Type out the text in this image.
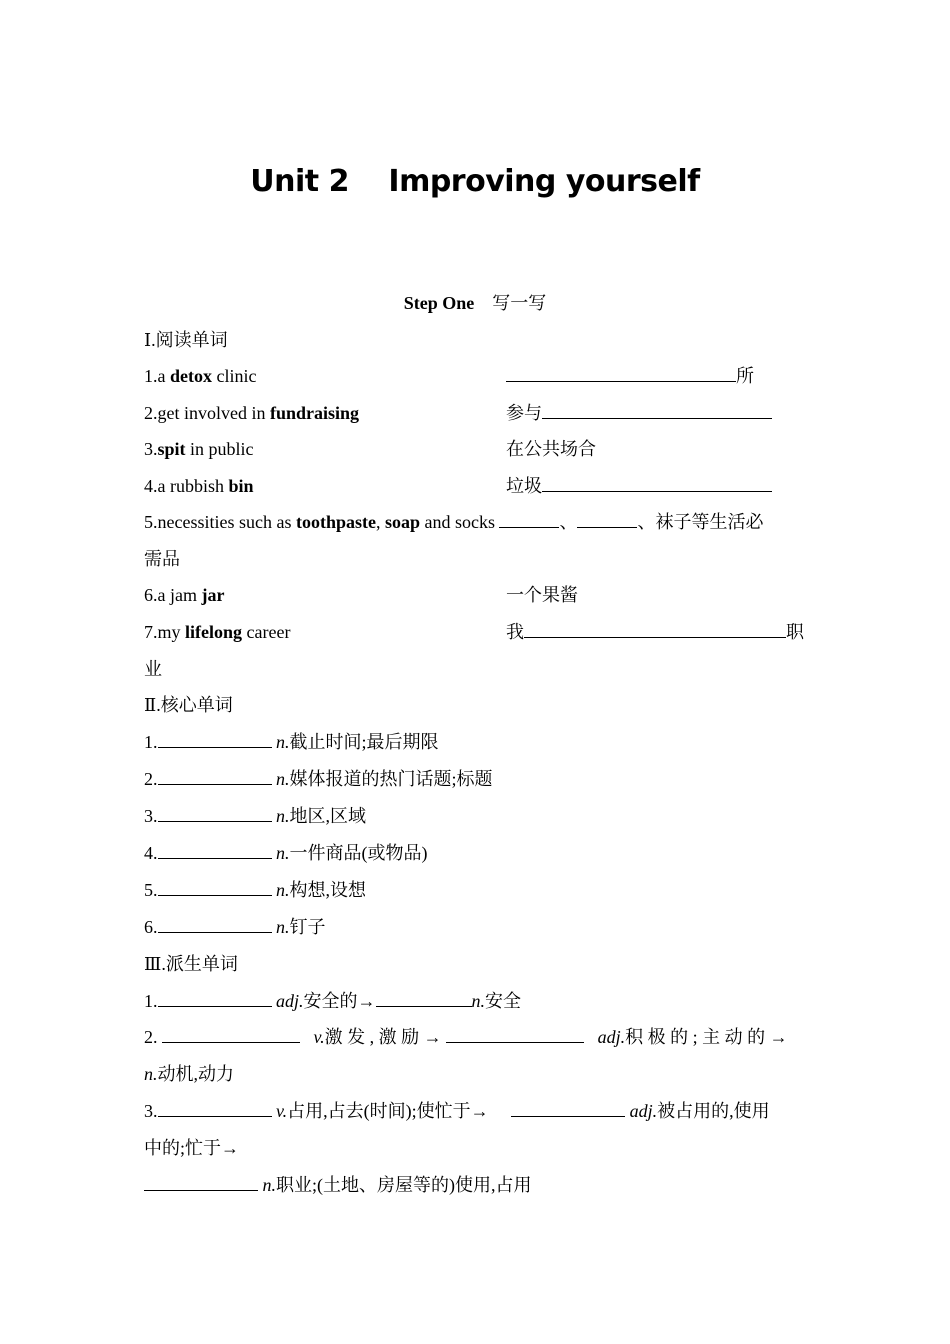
Unit 2　 Improving yourself
Step One 写一写
Ⅰ.阅读单词
1.a detox clinic	所
2.get involved in fundraising	参与
3.spit in public	在公共场合
4.a rubbish bin	垃圾
5.necessities such as toothpaste, soap and socks	、	、袜子等生活必
需品
6.a jam jar	一个果酱
7.my lifelong career	我	职
业
Ⅱ.核心单词
1.	n.截止时间;最后期限
2.	n.媒体报道的热门话题;标题
3.	n.地区,区域
4.	n.一件商品(或物品)
5.	n.构想,设想
6.	n.钉子
Ⅲ.派生单词
1.	adj.安全的→	n.安全
2.	v.激 发 , 激 励 →	adj.积 极 的 ; 主 动 的 →
n.动机,动力
3.	v.占用,占去(时间);使忙于→	adj.被占用的,使用
中的;忙于→
n.职业;(土地、房屋等的)使用,占用
